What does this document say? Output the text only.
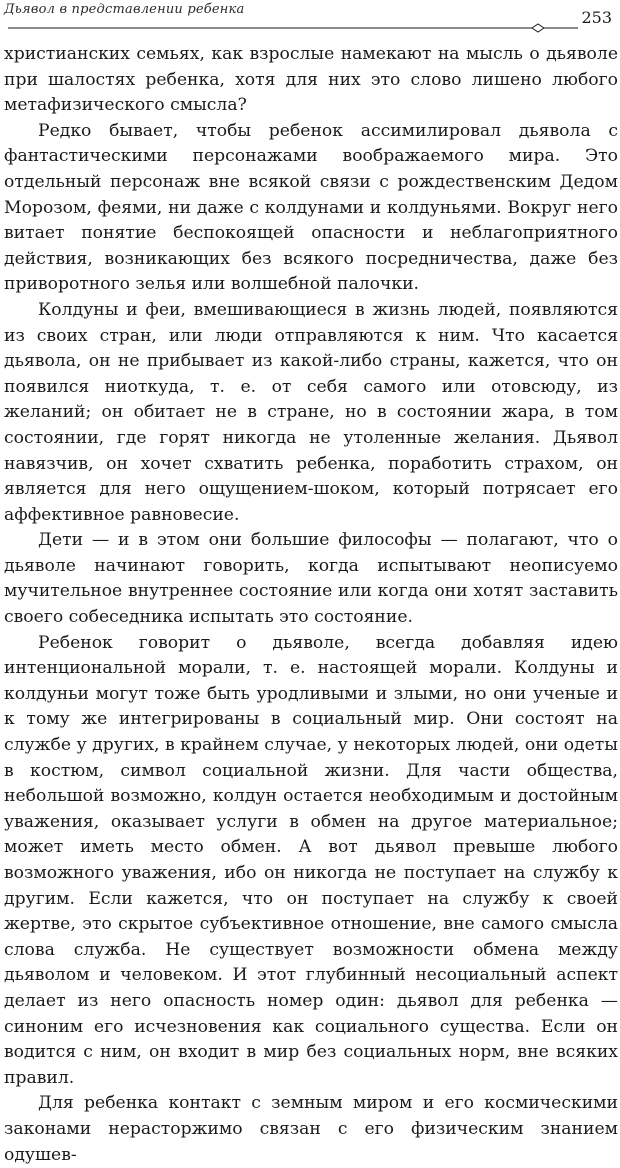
Дьявол в представлении ребенка	253

христианских семьях, как взрослые намекают на мысль о дьяволе при шалостях ребенка, хотя для них это слово лишено любого метафизического смысла?

Редко бывает, чтобы ребенок ассимилировал дьявола с фантастическими персонажами воображаемого мира. Это отдельный персонаж вне всякой связи с рождественским Дедом Морозом, феями, ни даже с колдунами и колдуньями. Вокруг него витает понятие беспокоящей опасности и неблагоприятного действия, возникающих без всякого посредничества, даже без приворотного зелья или волшебной палочки.

Колдуны и феи, вмешивающиеся в жизнь людей, появляются из своих стран, или люди отправляются к ним. Что касается дьявола, он не прибывает из какой-либо страны, кажется, что он появился ниоткуда, т. е. от себя самого или отовсюду, из желаний; он обитает не в стране, но в состоянии жара, в том состоянии, где горят никогда не утоленные желания. Дьявол навязчив, он хочет схватить ребенка, поработить страхом, он является для него ощущением-шоком, который потрясает его аффективное равновесие.

Дети — и в этом они большие философы — полагают, что о дьяволе начинают говорить, когда испытывают неописуемо мучительное внутреннее состояние или когда они хотят заставить своего собеседника испытать это состояние.

Ребенок говорит о дьяволе, всегда добавляя идею интенциональной морали, т. е. настоящей морали. Колдуны и колдуньи могут тоже быть уродливыми и злыми, но они ученые и к тому же интегрированы в социальный мир. Они состоят на службе у других, в крайнем случае, у некоторых людей, они одеты в костюм, символ социальной жизни. Для части общества, небольшой возможно, колдун остается необходимым и достойным уважения, оказывает услуги в обмен на другое материальное; может иметь место обмен. А вот дьявол превыше любого возможного уважения, ибо он никогда не поступает на службу к другим. Если кажется, что он поступает на службу к своей жертве, это скрытое субъективное отношение, вне самого смысла слова служба. Не существует возможности обмена между дьяволом и человеком. И этот глубинный несоциальный аспект делает из него опасность номер один: дьявол для ребенка — синоним его исчезновения как социального существа. Если он водится с ним, он входит в мир без социальных норм, вне всяких правил.

Для ребенка контакт с земным миром и его космическими законами нерасторжимо связан с его физическим знанием одушев-
